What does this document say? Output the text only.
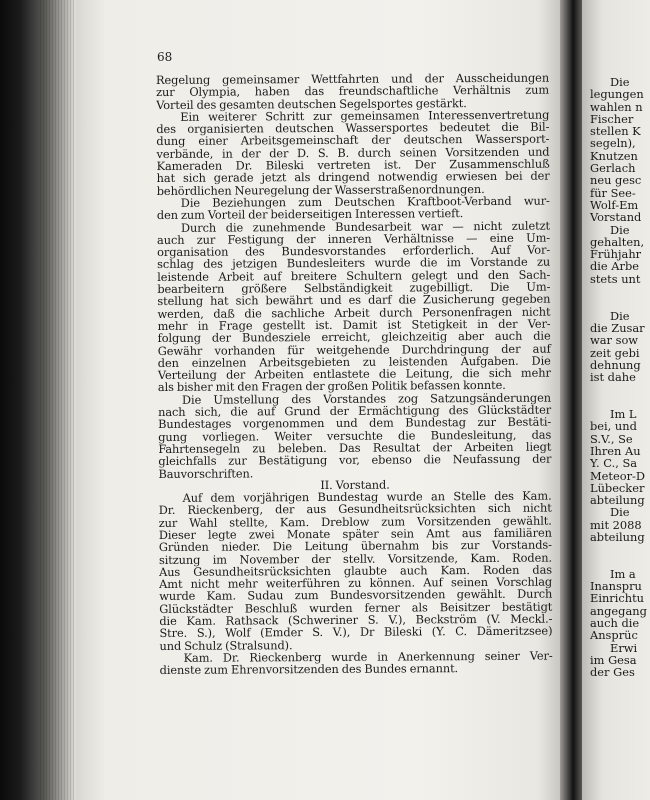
Die
legungen
wahlen n
Fischer
stellen K
segeln),
Knutzen
Gerlach
neu gesc
für See-
Wolf-Em
Vorstand
Die
gehalten,
Frühjahr
die Arbe
stets unt
Die
die Zusar
war sow
zeit gebi
dehnung
ist dahe
Im L
bei, und
S.V., Se
Ihren Au
Y. C., Sa
Meteor-D
Lübecker
abteilung
Die
mit 2088
abteilung
Im a
Inanspru
Einrichtu
angegang
auch die
Ansprüc
Erwi
im Gesa
der Ges

68

Regelung gemeinsamer Wettfahrten und der Ausscheidungen
zur Olympia, haben das freundschaftliche Verhältnis zum
Vorteil des gesamten deutschen Segelsportes gestärkt.
Ein weiterer Schritt zur gemeinsamen Interessenvertretung
des organisierten deutschen Wassersportes bedeutet die Bil-
dung einer Arbeitsgemeinschaft der deutschen Wassersport-
verbände, in der der D. S. B. durch seinen Vorsitzenden und
Kameraden Dr. Bileski vertreten ist. Der Zusammenschluß
hat sich gerade jetzt als dringend notwendig erwiesen bei der
behördlichen Neuregelung der Wasserstraßenordnungen.
Die Beziehungen zum Deutschen Kraftboot-Verband wur-
den zum Vorteil der beiderseitigen Interessen vertieft.
Durch die zunehmende Bundesarbeit war — nicht zuletzt
auch zur Festigung der inneren Verhältnisse — eine Um-
organisation des Bundesvorstandes erforderlich. Auf Vor-
schlag des jetzigen Bundesleiters wurde die im Vorstande zu
leistende Arbeit auf breitere Schultern gelegt und den Sach-
bearbeitern größere Selbständigkeit zugebilligt. Die Um-
stellung hat sich bewährt und es darf die Zusicherung gegeben
werden, daß die sachliche Arbeit durch Personenfragen nicht
mehr in Frage gestellt ist. Damit ist Stetigkeit in der Ver-
folgung der Bundesziele erreicht, gleichzeitig aber auch die
Gewähr vorhanden für weitgehende Durchdringung der auf
den einzelnen Arbeitsgebieten zu leistenden Aufgaben. Die
Verteilung der Arbeiten entlastete die Leitung, die sich mehr
als bisher mit den Fragen der großen Politik befassen konnte.
Die Umstellung des Vorstandes zog Satzungsänderungen
nach sich, die auf Grund der Ermächtigung des Glückstädter
Bundestages vorgenommen und dem Bundestag zur Bestäti-
gung vorliegen. Weiter versuchte die Bundesleitung, das
Fahrtensegeln zu beleben. Das Resultat der Arbeiten liegt
gleichfalls zur Bestätigung vor, ebenso die Neufassung der
Bauvorschriften.
II. Vorstand.
Auf dem vorjährigen Bundestag wurde an Stelle des Kam.
Dr. Rieckenberg, der aus Gesundheitsrücksichten sich nicht
zur Wahl stellte, Kam. Dreblow zum Vorsitzenden gewählt.
Dieser legte zwei Monate später sein Amt aus familiären
Gründen nieder. Die Leitung übernahm bis zur Vorstands-
sitzung im November der stellv. Vorsitzende, Kam. Roden.
Aus Gesundheitsrücksichten glaubte auch Kam. Roden das
Amt nicht mehr weiterführen zu können. Auf seinen Vorschlag
wurde Kam. Sudau zum Bundesvorsitzenden gewählt. Durch
Glückstädter Beschluß wurden ferner als Beisitzer bestätigt
die Kam. Rathsack (Schweriner S. V.), Beckström (V. Meckl.-
Stre. S.), Wolf (Emder S. V.), Dr Bileski (Y. C. Dämeritzsee)
und Schulz (Stralsund).
Kam. Dr. Rieckenberg wurde in Anerkennung seiner Ver-
dienste zum Ehrenvorsitzenden des Bundes ernannt.
